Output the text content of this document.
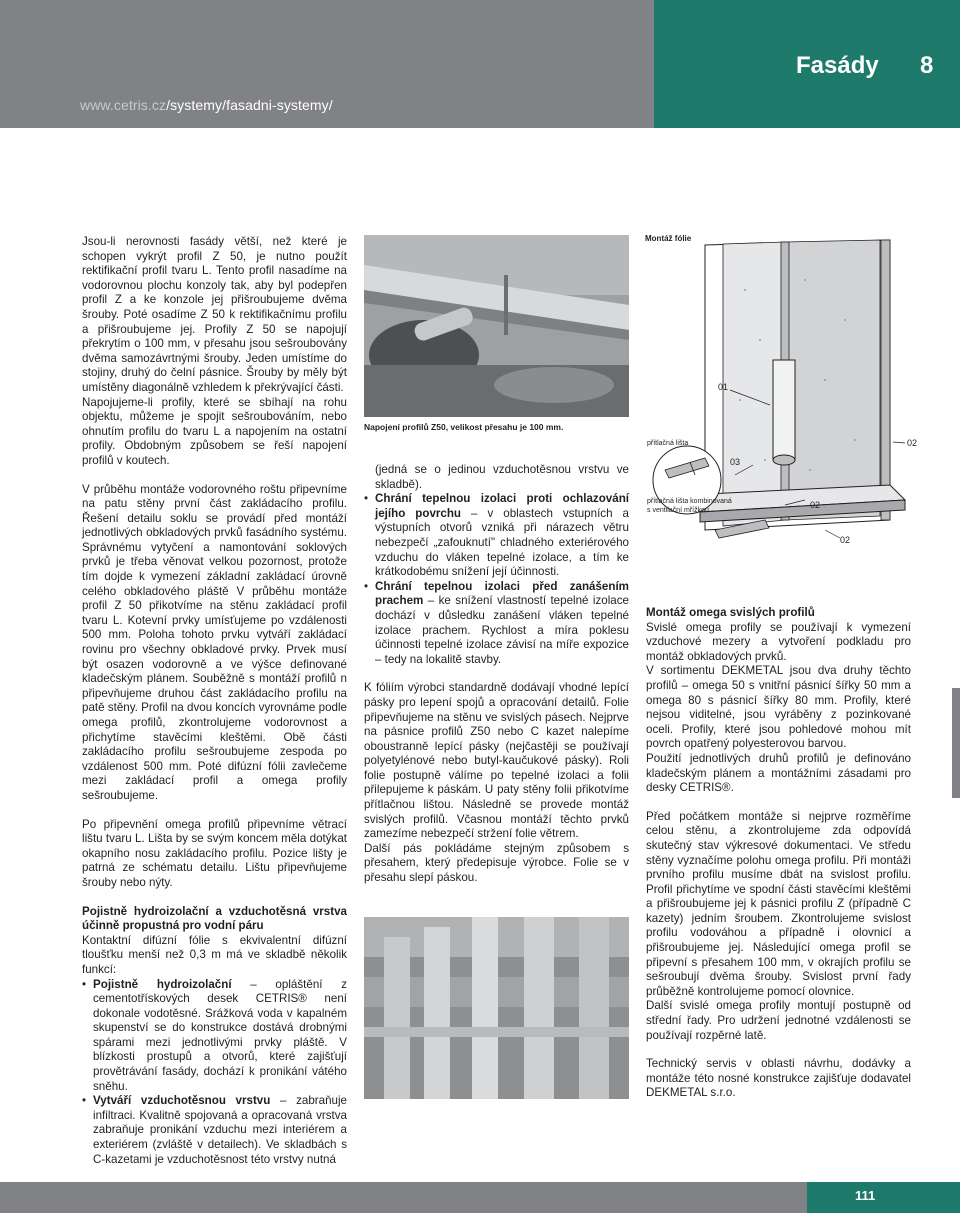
www.cetris.cz/systemy/fasadni-systemy/
Fasády 8

Jsou-li nerovnosti fasády větší, než které je schopen vykrýt profil Z 50, je nutno použít rektifikační profil tvaru L. Tento profil nasadíme na vodorovnou plochu konzoly tak, aby byl podepřen profil Z a ke konzole jej přišroubujeme dvěma šrouby. Poté osadíme Z 50 k rektifikačnímu profilu a přišroubujeme jej. Profily Z 50 se napojují překrytím o 100 mm, v přesahu jsou sešroubovány dvěma samozávrtnými šrouby. Jeden umístíme do stojiny, druhý do čelní pásnice. Šrouby by měly být umístěny diagonálně vzhledem k překrývající části.

Napojujeme-li profily, které se sbíhají na rohu objektu, můžeme je spojit sešroubováním, nebo ohnutím profilu do tvaru L a napojením na ostatní profily. Obdobným způsobem se řeší napojení profilů v koutech.

V průběhu montáže vodorovného roštu připevníme na patu stěny první část zakládacího profilu. Řešení detailu soklu se provádí před montáží jednotlivých obkladových prvků fasádního systému. Správnému vytyčení a namontování soklových prvků je třeba věnovat velkou pozornost, protože tím dojde k vymezení základní zakládací úrovně celého obkladového pláště V průběhu montáže profil Z 50 přikotvíme na stěnu zakládací profil tvaru L. Kotevní prvky umísťujeme po vzdálenosti 500 mm. Poloha tohoto prvku vytváří zakládací rovinu pro všechny obkladové prvky. Prvek musí být osazen vodorovně a ve výšce definované kladečským plánem. Souběžně s montáží profilů n připevňujeme druhou část zakládacího profilu na patě stěny. Profil na dvou koncích vyrovnáme podle omega profilů, zkontrolujeme vodorovnost a přichytíme stavěcími kleštěmi. Obě části zakládacího profilu sešroubujeme zespoda po vzdálenost 500 mm. Poté difúzní fólii zavlečeme mezi zakládací profil a omega profily sešroubujeme.

Po připevnění omega profilů připevníme větrací lištu tvaru L. Lišta by se svým koncem měla dotýkat okapního nosu zakládacího profilu. Pozice lišty je patrná ze schématu detailu. Lištu připevňujeme šrouby nebo nýty.

Pojistně hydroizolační a vzduchotěsná vrstva účinně propustná pro vodní páru

Kontaktní difúzní fólie s ekvivalentní difúzní tloušťku menší než 0,3 m má ve skladbě několik funkcí:

• Pojistně hydroizolační – opláštění z cementotřískových desek CETRIS® není dokonale vodotěsné. Srážková voda v kapalném skupenství se do konstrukce dostává drobnými spárami mezi jednotlivými prvky pláště. V blízkosti prostupů a otvorů, které zajišťují provětrávání fasády, dochází k pronikání vátého sněhu.
• Vytváří vzduchotěsnou vrstvu – zabraňuje infiltraci. Kvalitně spojovaná a opracovaná vrstva zabraňuje pronikání vzduchu mezi interiérem a exteriérem (zvláště v detailech). Ve skladbách s C-kazetami je vzduchotěsnost této vrstvy nutná
Napojení profilů Z50, velikost přesahu je 100 mm.

(jedná se o jedinou vzduchotěsnou vrstvu ve skladbě).

• Chrání tepelnou izolaci proti ochlazování jejího povrchu – v oblastech vstupních a výstupních otvorů vzniká při nárazech větru nebezpečí „zafouknutí" chladného exteriérového vzduchu do vláken tepelné izolace, a tím ke krátkodobému snížení její účinnosti.
• Chrání tepelnou izolaci před zanášením prachem – ke snížení vlastností tepelné izolace dochází v důsledku zanášení vláken tepelné izolace prachem. Rychlost a míra poklesu účinnosti tepelné izolace závisí na míře expozice – tedy na lokalitě stavby.

K fóliím výrobci standardně dodávají vhodné lepící pásky pro lepení spojů a opracování detailů. Folie připevňujeme na stěnu ve svislých pásech. Nejprve na pásnice profilů Z50 nebo C kazet nalepíme oboustranně lepící pásky (nejčastěji se používají polyetylénové nebo butyl-kaučukové pásky). Roli folie postupně válíme po tepelné izolaci a folii přilepujeme k páskám. U paty stěny folii přikotvíme přítlačnou lištou. Následně se provede montáž svislých profilů. Včasnou montáží těchto prvků zamezíme nebezpečí stržení folie větrem.

Další pás pokládáme stejným způsobem s přesahem, který předepisuje výrobce. Folie se v přesahu slepí páskou.

Montáž fólie
přítlačná lišta
přítlačná lišta kombinovaná
s ventilační mřížkou
01
02
03
02
02

Montáž omega svislých profilů

Svislé omega profily se používají k vymezení vzduchové mezery a vytvoření podkladu pro montáž obkladových prvků.

V sortimentu DEKMETAL jsou dva druhy těchto profilů – omega 50 s vnitřní pásnicí šířky 50 mm a omega 80 s pásnicí šířky 80 mm. Profily, které nejsou viditelné, jsou vyráběny z pozinkované oceli. Profily, které jsou pohledové mohou mít povrch opatřený polyesterovou barvou.

Použití jednotlivých druhů profilů je definováno kladečským plánem a montážními zásadami pro desky CETRIS®.

Před počátkem montáže si nejprve rozměříme celou stěnu, a zkontrolujeme zda odpovídá skutečný stav výkresové dokumentaci. Ve středu stěny vyznačíme polohu omega profilu. Při montáži prvního profilu musíme dbát na svislost profilu. Profil přichytíme ve spodní části stavěcími kleštěmi a přišroubujeme jej k pásnici profilu Z (případně C kazety) jedním šroubem. Zkontrolujeme svislost profilu vodováhou a případně i olovnicí a přišroubujeme jej. Následující omega profil se připevní s přesahem 100 mm, v okrajích profilu se sešroubují dvěma šrouby. Svislost první řady průběžně kontrolujeme pomocí olovnice.

Další svislé omega profily montují postupně od střední řady. Pro udržení jednotné vzdálenosti se používají rozpěrné latě.

Technický servis v oblasti návrhu, dodávky a montáže této nosné konstrukce zajišťuje dodavatel DEKMETAL s.r.o.

111
